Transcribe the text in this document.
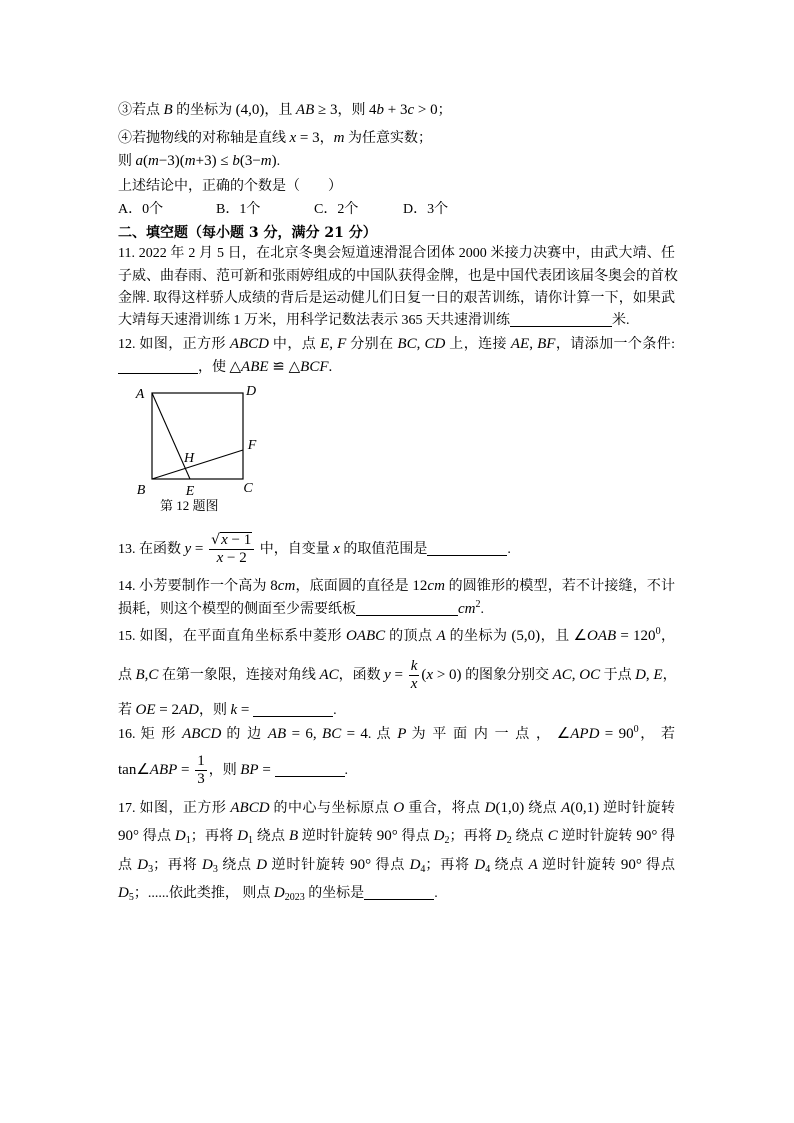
③若点 B 的坐标为 (4,0)，且 AB ≥ 3，则 4b + 3c > 0；
④若抛物线的对称轴是直线 x = 3，m 为任意实数；
则 a(m−3)(m+3) ≤ b(3−m).
上述结论中，正确的个数是（　　）
A．0个	B．1个	C．2个	D．3个
二、填空题（每小题 3 分，满分 21 分）
11. 2022 年 2 月 5 日，在北京冬奥会短道速滑混合团体 2000 米接力决赛中，由武大靖、任
子威、曲春雨、范可新和张雨婷组成的中国队获得金牌，也是中国代表团该届冬奥会的首枚
金牌. 取得这样骄人成绩的背后是运动健儿们日复一日的艰苦训练，请你计算一下，如果武
大靖每天速滑训练 1 万米，用科学记数法表示 365 天共速滑训练	米.
12. 如图，正方形 ABCD 中，点 E, F 分别在 BC, CD 上，连接 AE, BF，请添加一个条件:
，使 △ABE ≌ △BCF.
A	D
B	C
E
F
H
第 12 题图
13. 在函数 $y = \frac{√x - 1}{x - 2}$ 中，自变量 x 的取值范围是	.
14. 小芳要制作一个高为 8cm，底面圆的直径是 12cm 的圆锥形的模型，若不计接缝，不计
损耗，则这个模型的侧面至少需要纸板	$cm^2$.
15. 如图，在平面直角坐标系中菱形 OABC 的顶点 A 的坐标为 (5,0)，且 ∠OAB = $120^0$，
点 B,C 在第一象限，连接对角线 AC，函数 $y = \frac{k}{x} (x > 0)$ 的图象分别交 AC, OC 于点 D, E，
若 OE = 2AD，则 k =	.
16. 矩 形 ABCD 的 边 AB = 6, BC = 4. 点 P 为 平 面 内 一 点 ， ∠APD = $90^0$， 若
tan∠ABP = $\frac{1}{3}$ ，则 BP =	.
17. 如图，正方形 ABCD 的中心与坐标原点 O 重合，将点 D(1,0) 绕点 A(0,1) 逆时针旋转
90° 得点 $D_1$；再将 $D_1$ 绕点 B 逆时针旋转 90° 得点 $D_2$；再将 $D_2$ 绕点 C 逆时针旋转 90° 得
点 $D_3$；再将 $D_3$ 绕点 D 逆时针旋转 90° 得点 $D_4$；再将 $D_4$ 绕点 A 逆时针旋转 90° 得点
$D_5$；......依此类推， 则点 $D_{2023}$ 的坐标是	.
